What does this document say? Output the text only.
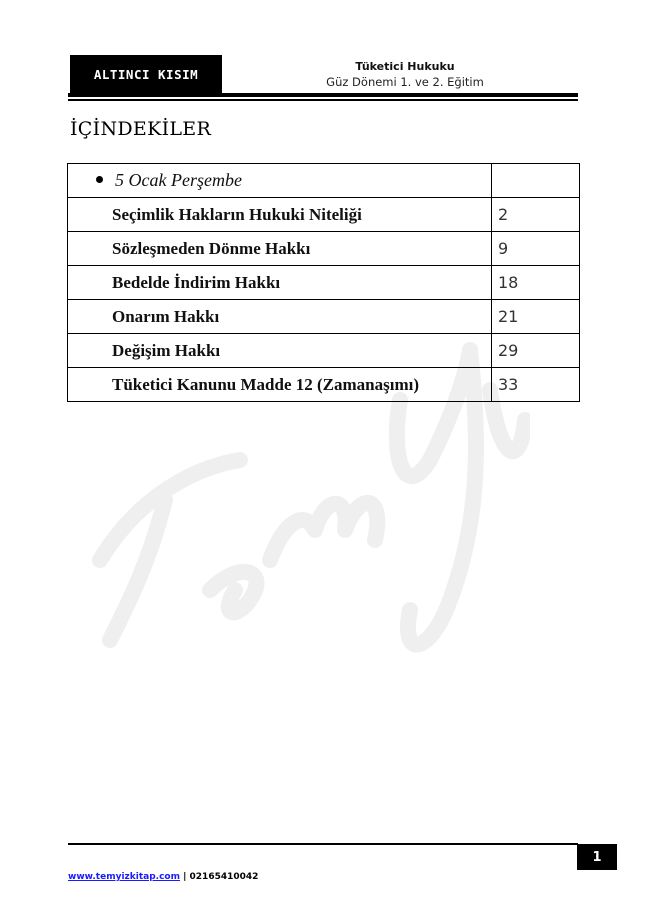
ALTINCI KISIM	Tüketici Hukuku
Güz Dönemi 1. ve 2. Eğitim
İÇİNDEKİLER
5 Ocak Perşembe	
Seçimlik Hakların Hukuki Niteliği	2
Sözleşmeden Dönme Hakkı	9
Bedelde İndirim Hakkı	18
Onarım Hakkı	21
Değişim Hakkı	29
Tüketici Kanunu Madde 12 (Zamanaşımı)	33
1
www.temyizkitap.com | 02165410042
